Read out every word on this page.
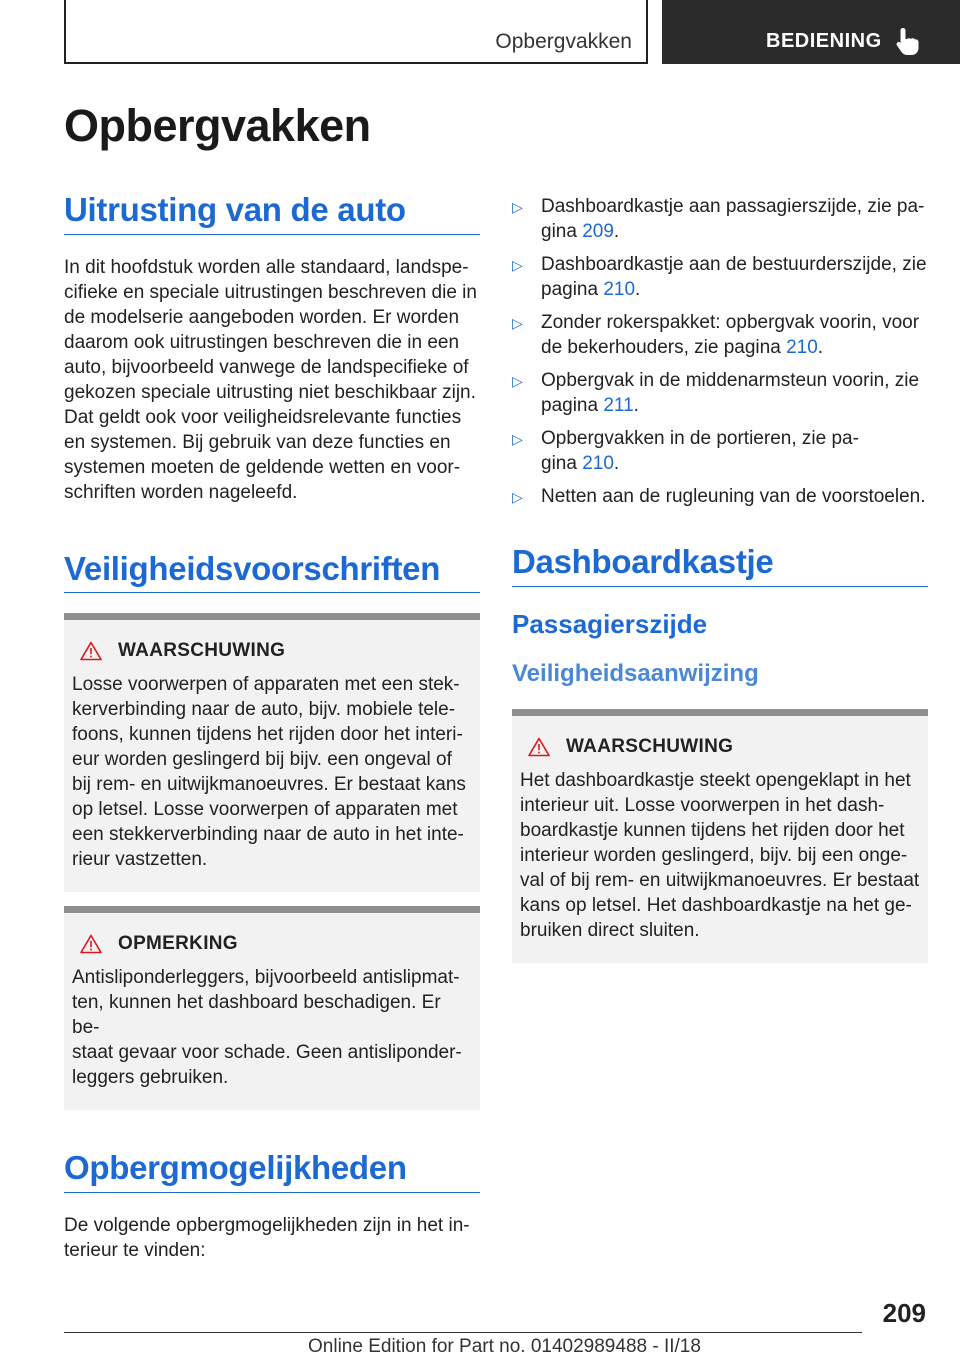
Opbergvakken	BEDIENING
Opbergvakken
Uitrusting van de auto

In dit hoofdstuk worden alle standaard, landspe-
cifieke en speciale uitrustingen beschreven die in
de modelserie aangeboden worden. Er worden
daarom ook uitrustingen beschreven die in een
auto, bijvoorbeeld vanwege de landspecifieke of
gekozen speciale uitrusting niet beschikbaar zijn.
Dat geldt ook voor veiligheidsrelevante functies
en systemen. Bij gebruik van deze functies en
systemen moeten de geldende wetten en voor-
schriften worden nageleefd.

Veiligheidsvoorschriften
WAARSCHUWING

Losse voorwerpen of apparaten met een stek-
kerverbinding naar de auto, bijv. mobiele tele-
foons, kunnen tijdens het rijden door het interi-
eur worden geslingerd bij bijv. een ongeval of
bij rem- en uitwijkmanoeuvres. Er bestaat kans
op letsel. Losse voorwerpen of apparaten met
een stekkerverbinding naar de auto in het inte-
rieur vastzetten.

OPMERKING

Antisliponderleggers, bijvoorbeeld antislipmat-
ten, kunnen het dashboard beschadigen. Er be-
staat gevaar voor schade. Geen antisliponder-
leggers gebruiken.

Opbergmogelijkheden

De volgende opbergmogelijkheden zijn in het in-
terieur te vinden:

▷ Dashboardkastje aan passagierszijde, zie pa-
gina 209.
▷ Dashboardkastje aan de bestuurderszijde, zie
pagina 210.
▷ Zonder rokerspakket: opbergvak voorin, voor
de bekerhouders, zie pagina 210.
▷ Opbergvak in de middenarmsteun voorin, zie
pagina 211.
▷ Opbergvakken in de portieren, zie pa-
gina 210.
▷ Netten aan de rugleuning van de voorstoelen.
Dashboardkastje
Passagierszijde
Veiligheidsaanwijzing
WAARSCHUWING

Het dashboardkastje steekt opengeklapt in het
interieur uit. Losse voorwerpen in het dash-
boardkastje kunnen tijdens het rijden door het
interieur worden geslingerd, bijv. bij een onge-
val of bij rem- en uitwijkmanoeuvres. Er bestaat
kans op letsel. Het dashboardkastje na het ge-
bruiken direct sluiten.

209
Online Edition for Part no. 01402989488 - II/18
